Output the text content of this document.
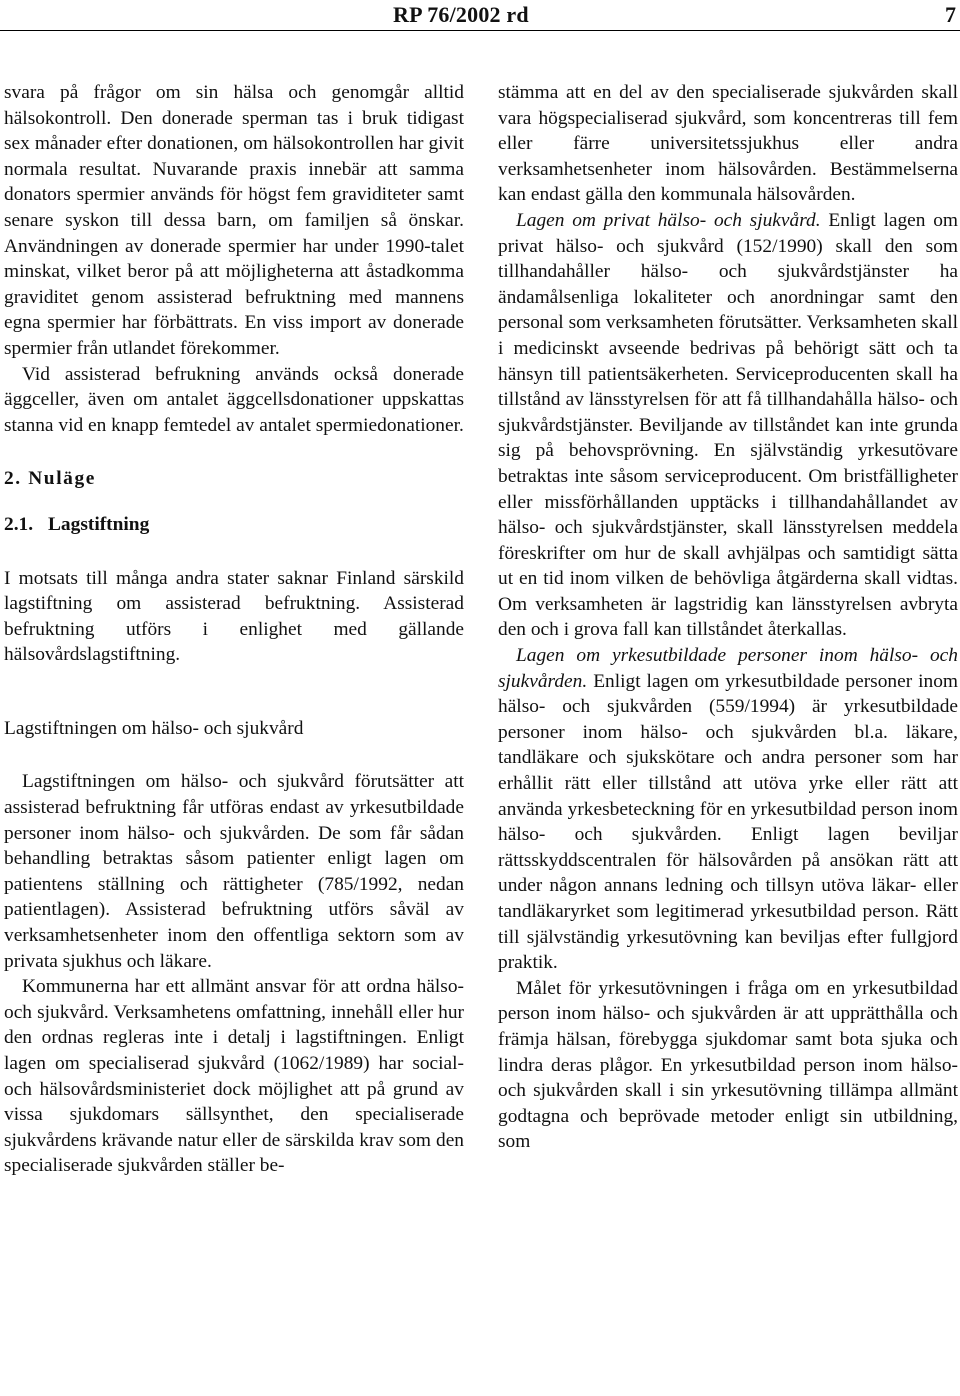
RP 76/2002 rd	7

svara på frågor om sin hälsa och genomgår alltid hälsokontroll. Den donerade sperman tas i bruk tidigast sex månader efter donationen, om hälsokontrollen har givit normala resultat. Nuvarande praxis innebär att samma donators spermier används för högst fem graviditeter samt senare syskon till dessa barn, om familjen så önskar. Användningen av donerade spermier har under 1990-talet minskat, vilket beror på att möjligheterna att åstadkomma graviditet genom assisterad befruktning med mannens egna spermier har förbättrats. En viss import av donerade spermier från utlandet förekommer.

Vid assisterad befrukning används också donerade äggceller, även om antalet äggcellsdonationer uppskattas stanna vid en knapp femtedel av antalet spermiedonationer.

2. Nuläge
2.1. Lagstiftning

I motsats till många andra stater saknar Finland särskild lagstiftning om assisterad befruktning. Assisterad befruktning utförs i enlighet med gällande hälsovårdslagstiftning.

Lagstiftningen om hälso- och sjukvård

Lagstiftningen om hälso- och sjukvård förutsätter att assisterad befruktning får utföras endast av yrkesutbildade personer inom hälso- och sjukvården. De som får sådan behandling betraktas såsom patienter enligt lagen om patientens ställning och rättigheter (785/1992, nedan patientlagen). Assisterad befruktning utförs såväl av verksamhetsenheter inom den offentliga sektorn som av privata sjukhus och läkare.

Kommunerna har ett allmänt ansvar för att ordna hälso- och sjukvård. Verksamhetens omfattning, innehåll eller hur den ordnas regleras inte i detalj i lagstiftningen. Enligt lagen om specialiserad sjukvård (1062/1989) har social- och hälsovårdsministeriet dock möjlighet att på grund av vissa sjukdomars sällsynthet, den specialiserade sjukvårdens krävande natur eller de särskilda krav som den specialiserade sjukvården ställer be-

stämma att en del av den specialiserade sjukvården skall vara högspecialiserad sjukvård, som koncentreras till fem eller färre universitetssjukhus eller andra verksamhetsenheter inom hälsovården. Bestämmelserna kan endast gälla den kommunala hälsovården.

Lagen om privat hälso- och sjukvård. Enligt lagen om privat hälso- och sjukvård (152/1990) skall den som tillhandahåller hälso- och sjukvårdstjänster ha ändamålsenliga lokaliteter och anordningar samt den personal som verksamheten förutsätter. Verksamheten skall i medicinskt avseende bedrivas på behörigt sätt och ta hänsyn till patientsäkerheten. Serviceproducenten skall ha tillstånd av länsstyrelsen för att få tillhandahålla hälso- och sjukvårdstjänster. Beviljande av tillståndet kan inte grunda sig på behovsprövning. En självständig yrkesutövare betraktas inte såsom serviceproducent. Om bristfälligheter eller missförhållanden upptäcks i tillhandahållandet av hälso- och sjukvårdstjänster, skall länsstyrelsen meddela föreskrifter om hur de skall avhjälpas och samtidigt sätta ut en tid inom vilken de behövliga åtgärderna skall vidtas. Om verksamheten är lagstridig kan länsstyrelsen avbryta den och i grova fall kan tillståndet återkallas.

Lagen om yrkesutbildade personer inom hälso- och sjukvården. Enligt lagen om yrkesutbildade personer inom hälso- och sjukvården (559/1994) är yrkesutbildade personer inom hälso- och sjukvården bl.a. läkare, tandläkare och sjukskötare och andra personer som har erhållit rätt eller tillstånd att utöva yrke eller rätt att använda yrkesbeteckning för en yrkesutbildad person inom hälso- och sjukvården. Enligt lagen beviljar rättsskyddscentralen för hälsovården på ansökan rätt att under någon annans ledning och tillsyn utöva läkar- eller tandläkaryrket som legitimerad yrkesutbildad person. Rätt till självständig yrkesutövning kan beviljas efter fullgjord praktik.

Målet för yrkesutövningen i fråga om en yrkesutbildad person inom hälso- och sjukvården är att upprätthålla och främja hälsan, förebygga sjukdomar samt bota sjuka och lindra deras plågor. En yrkesutbildad person inom hälso- och sjukvården skall i sin yrkesutövning tillämpa allmänt godtagna och beprövade metoder enligt sin utbildning, som
